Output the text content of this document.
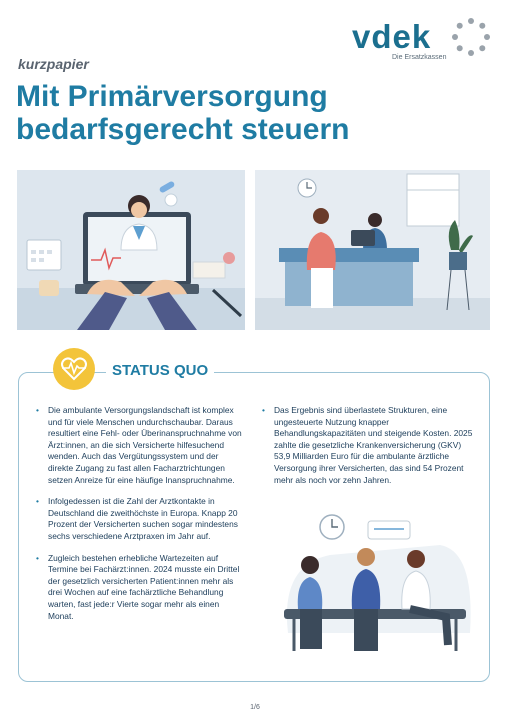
vdek
Die Ersatzkassen
kurzpapier
Mit Primärversorgung
bedarfsgerecht steuern
STATUS QUO

• Die ambulante Versorgungslandschaft ist komplex und für viele Menschen undurchschaubar. Daraus resultiert eine Fehl- oder Überinanspruchnahme von Ärzt:innen, an die sich Versicherte hilfesuchend wenden. Auch das Vergütungssystem und der direkte Zugang zu fast allen Facharztrichtungen setzen Anreize für eine häufige Inanspruchnahme.

• Infolgedessen ist die Zahl der Arztkontakte in Deutschland die zweithöchste in Europa. Knapp 20 Prozent der Versicherten suchen sogar mindestens sechs verschiedene Arztpraxen im Jahr auf.

• Zugleich bestehen erhebliche Wartezeiten auf Termine bei Fachärzt:innen. 2024 musste ein Drittel der gesetzlich versicherten Patient:innen mehr als drei Wochen auf eine fachärztliche Behandlung warten, fast jede:r Vierte sogar mehr als einen Monat.

• Das Ergebnis sind überlastete Strukturen, eine ungesteuerte Nutzung knapper Behandlungskapazitäten und steigende Kosten. 2025 zahlte die gesetzliche Krankenversicherung (GKV) 53,9 Milliarden Euro für die ambulante ärztliche Versorgung ihrer Versicherten, das sind 54 Prozent mehr als noch vor zehn Jahren.

1/6
